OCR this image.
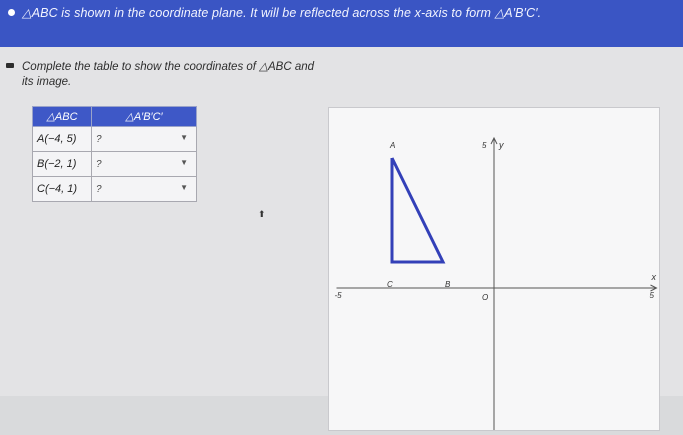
△ABC is shown in the coordinate plane. It will be reflected across the x-axis to form △A′B′C′.
Complete the table to show the coordinates of △ABC and its image.
△ABC	△A′B′C′
A(−4, 5)	? ▼

B(−2, 1)	? ▼

C(−4, 1)	? ▼
⬆
y
x
5
-5	5
O
A
B
C
